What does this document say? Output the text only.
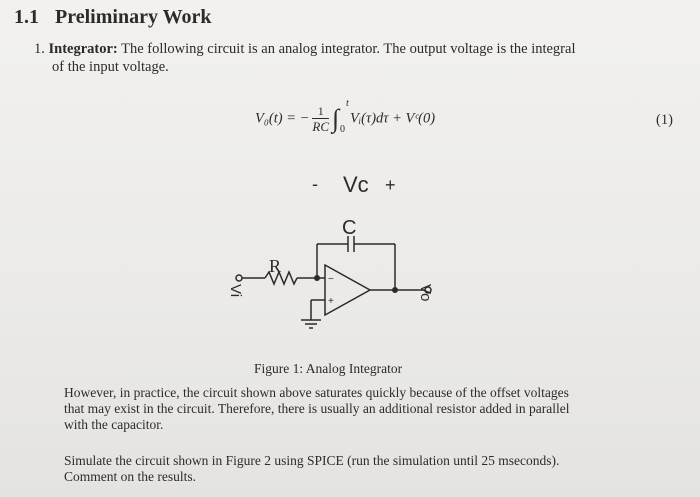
1.1 Preliminary Work
1. Integrator: The following circuit is an analog integrator. The output voltage is the integral
of the input voltage.
V₀(t) = − $\frac{1}{RC}$ ∫
t
0
Vᵢ(τ)dτ + Vᶜ(0)	(1)
- Vc +
C
R
Vi	Vo
−
+
Figure 1: Analog Integrator
However, in practice, the circuit shown above saturates quickly because of the offset voltages
that may exist in the circuit. Therefore, there is usually an additional resistor added in parallel
with the capacitor.
Simulate the circuit shown in Figure 2 using SPICE (run the simulation until 25 mseconds).
Comment on the results.
